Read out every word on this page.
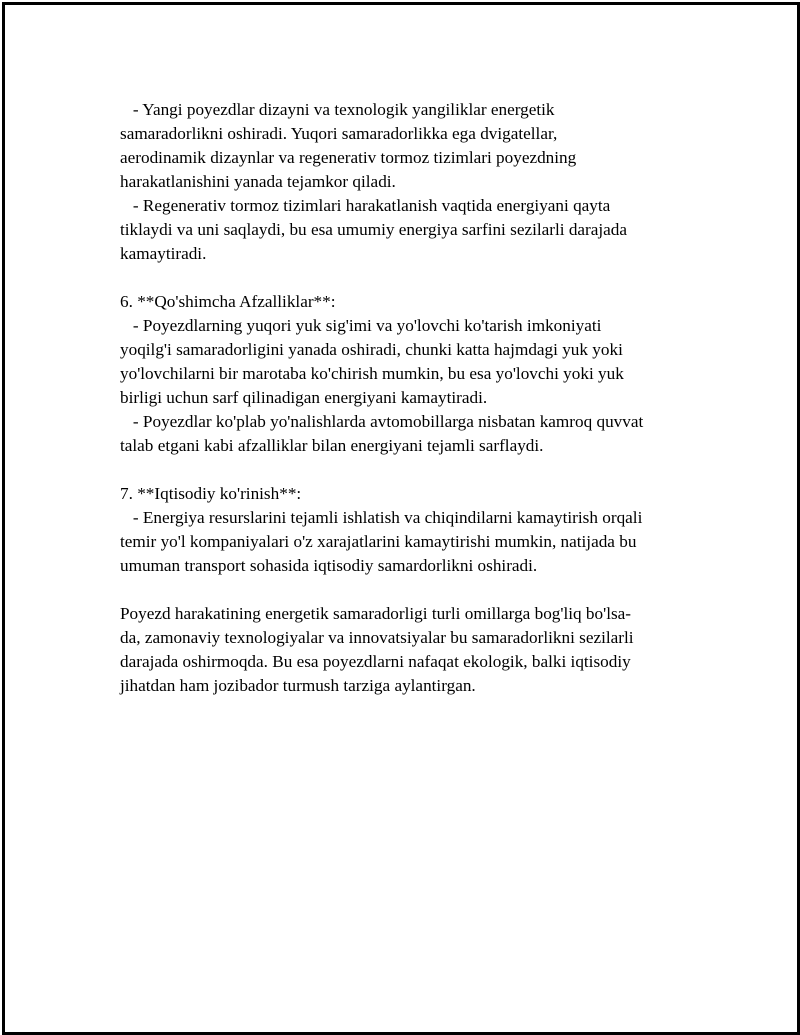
- Yangi poyezdlar dizayni va texnologik yangiliklar energetik
samaradorlikni oshiradi. Yuqori samaradorlikka ega dvigatellar,
aerodinamik dizaynlar va regenerativ tormoz tizimlari poyezdning
harakatlanishini yanada tejamkor qiladi.
- Regenerativ tormoz tizimlari harakatlanish vaqtida energiyani qayta
tiklaydi va uni saqlaydi, bu esa umumiy energiya sarfini sezilarli darajada
kamaytiradi.
6. **Qo'shimcha Afzalliklar**:
- Poyezdlarning yuqori yuk sig'imi va yo'lovchi ko'tarish imkoniyati
yoqilg'i samaradorligini yanada oshiradi, chunki katta hajmdagi yuk yoki
yo'lovchilarni bir marotaba ko'chirish mumkin, bu esa yo'lovchi yoki yuk
birligi uchun sarf qilinadigan energiyani kamaytiradi.
- Poyezdlar ko'plab yo'nalishlarda avtomobillarga nisbatan kamroq quvvat
talab etgani kabi afzalliklar bilan energiyani tejamli sarflaydi.
7. **Iqtisodiy ko'rinish**:
- Energiya resurslarini tejamli ishlatish va chiqindilarni kamaytirish orqali
temir yo'l kompaniyalari o'z xarajatlarini kamaytirishi mumkin, natijada bu
umuman transport sohasida iqtisodiy samardorlikni oshiradi.
Poyezd harakatining energetik samaradorligi turli omillarga bog'liq bo'lsa-
da, zamonaviy texnologiyalar va innovatsiyalar bu samaradorlikni sezilarli
darajada oshirmoqda. Bu esa poyezdlarni nafaqat ekologik, balki iqtisodiy
jihatdan ham jozibador turmush tarziga aylantirgan.
